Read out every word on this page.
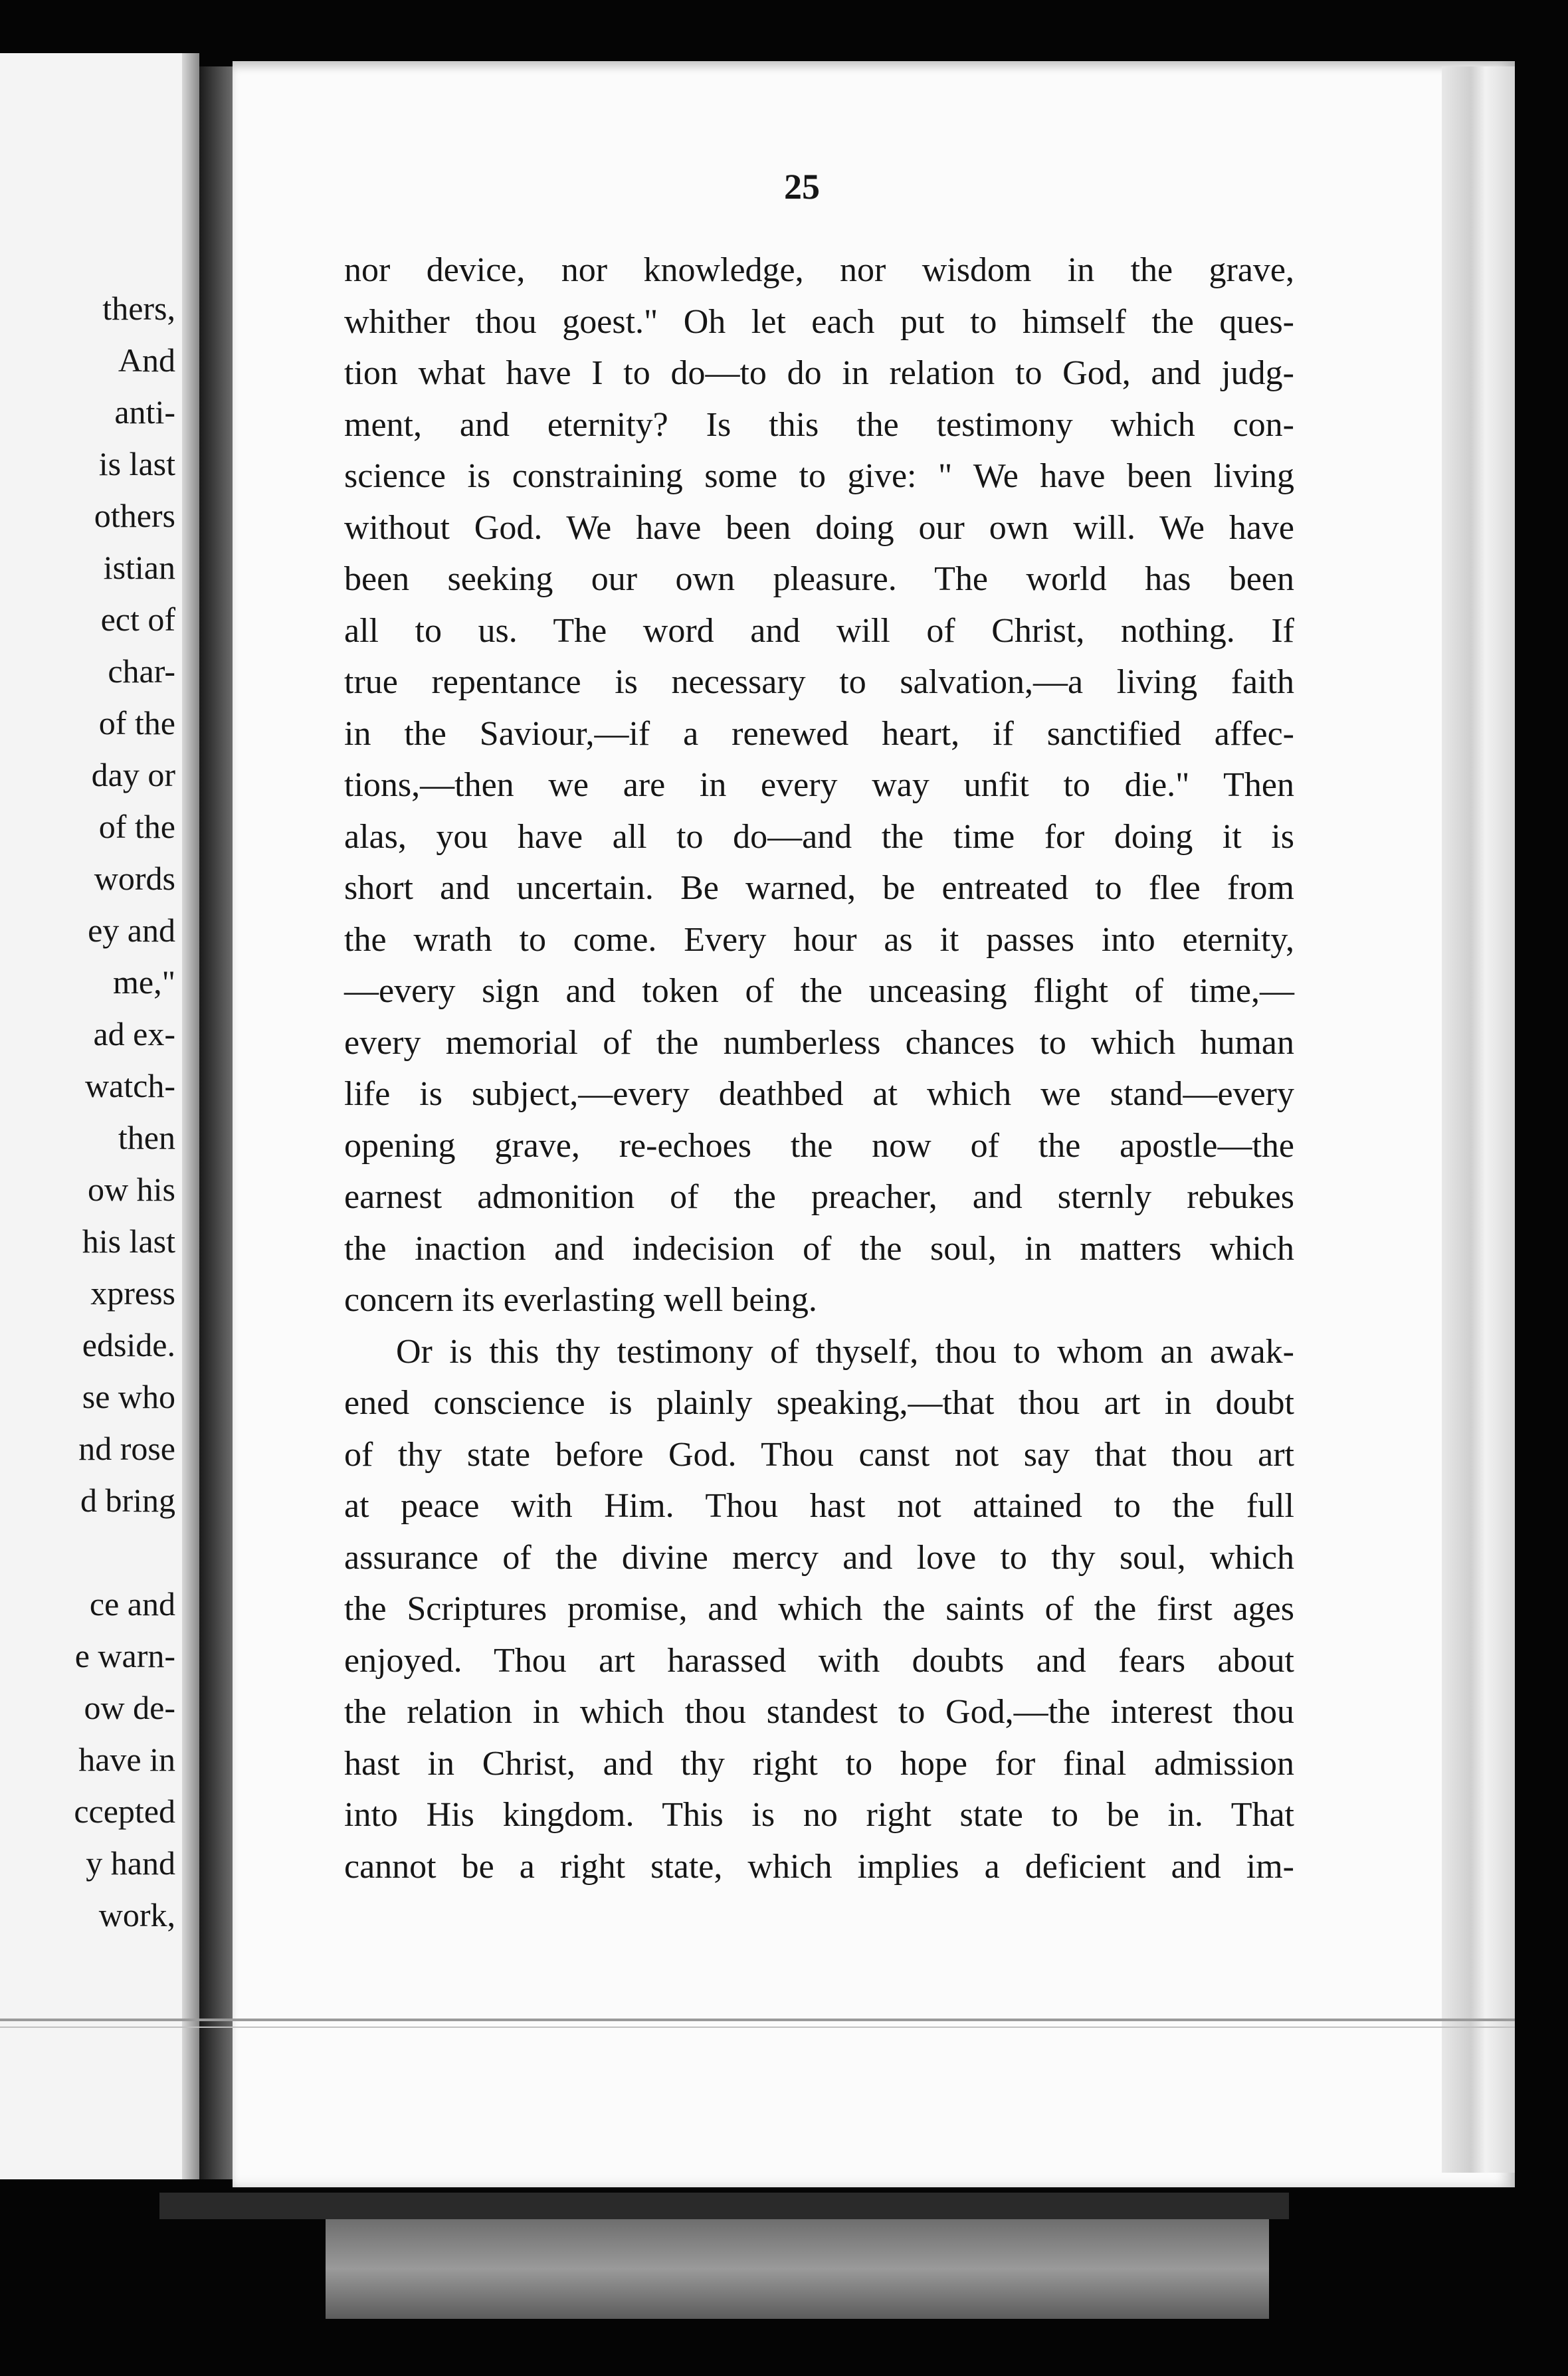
thers,
And
anti-
is last
others
istian
ect of
char-
of the
day or
of the
words
ey and
me,"
ad ex-
watch-
then
ow his
his last
xpress
edside.
se who
nd rose
d bring

ce and
e warn-
ow de-
have in
ccepted
y hand
work,
25
nor device, nor knowledge, nor wisdom in the grave,
whither thou goest." Oh let each put to himself the ques-
tion what have I to do—to do in relation to God, and judg-
ment, and eternity? Is this the testimony which con-
science is constraining some to give: " We have been living
without God. We have been doing our own will. We have
been seeking our own pleasure. The world has been
all to us. The word and will of Christ, nothing. If
true repentance is necessary to salvation,—a living faith
in the Saviour,—if a renewed heart, if sanctified affec-
tions,—then we are in every way unfit to die." Then
alas, you have all to do—and the time for doing it is
short and uncertain. Be warned, be entreated to flee from
the wrath to come. Every hour as it passes into eternity,
—every sign and token of the unceasing flight of time,—
every memorial of the numberless chances to which human
life is subject,—every deathbed at which we stand—every
opening grave, re-echoes the now of the apostle—the
earnest admonition of the preacher, and sternly rebukes
the inaction and indecision of the soul, in matters which
concern its everlasting well being.
Or is this thy testimony of thyself, thou to whom an awak-
ened conscience is plainly speaking,—that thou art in doubt
of thy state before God. Thou canst not say that thou art
at peace with Him. Thou hast not attained to the full
assurance of the divine mercy and love to thy soul, which
the Scriptures promise, and which the saints of the first ages
enjoyed. Thou art harassed with doubts and fears about
the relation in which thou standest to God,—the interest thou
hast in Christ, and thy right to hope for final admission
into His kingdom. This is no right state to be in. That
cannot be a right state, which implies a deficient and im-
